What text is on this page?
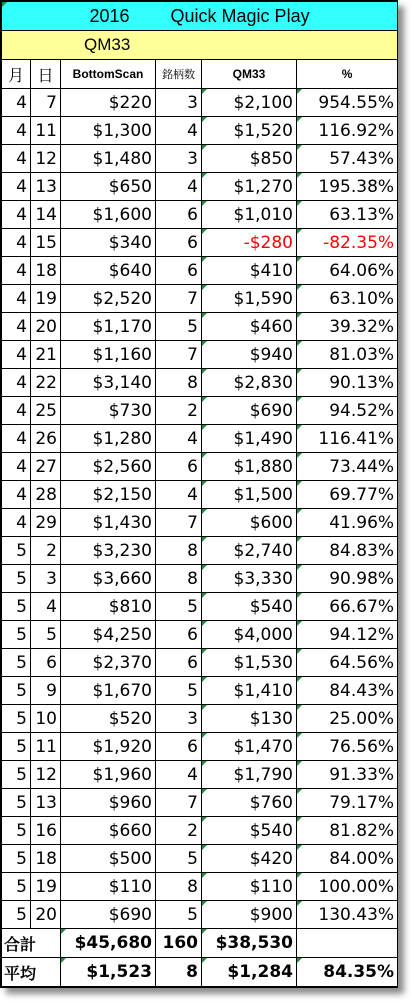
2016 Quick Magic Play					
QM33					
月	日	BottomScan	銘柄数	QM33	%
4	7	$220	3	$2,100	954.55%
4	11	$1,300	4	$1,520	116.92%
4	12	$1,480	3	$850	57.43%
4	13	$650	4	$1,270	195.38%
4	14	$1,600	6	$1,010	63.13%
4	15	$340	6	-$280	-82.35%
4	18	$640	6	$410	64.06%
4	19	$2,520	7	$1,590	63.10%
4	20	$1,170	5	$460	39.32%
4	21	$1,160	7	$940	81.03%
4	22	$3,140	8	$2,830	90.13%
4	25	$730	2	$690	94.52%
4	26	$1,280	4	$1,490	116.41%
4	27	$2,560	6	$1,880	73.44%
4	28	$2,150	4	$1,500	69.77%
4	29	$1,430	7	$600	41.96%
5	2	$3,230	8	$2,740	84.83%
5	3	$3,660	8	$3,330	90.98%
5	4	$810	5	$540	66.67%
5	5	$4,250	6	$4,000	94.12%
5	6	$2,370	6	$1,530	64.56%
5	9	$1,670	5	$1,410	84.43%
5	10	$520	3	$130	25.00%
5	11	$1,920	6	$1,470	76.56%
5	12	$1,960	4	$1,790	91.33%
5	13	$960	7	$760	79.17%
5	16	$660	2	$540	81.82%
5	18	$500	5	$420	84.00%
5	19	$110	8	$110	100.00%
5	20	$690	5	$900	130.43%
合計		$45,680	160	$38,530	
平均		$1,523	8	$1,284	84.35%
